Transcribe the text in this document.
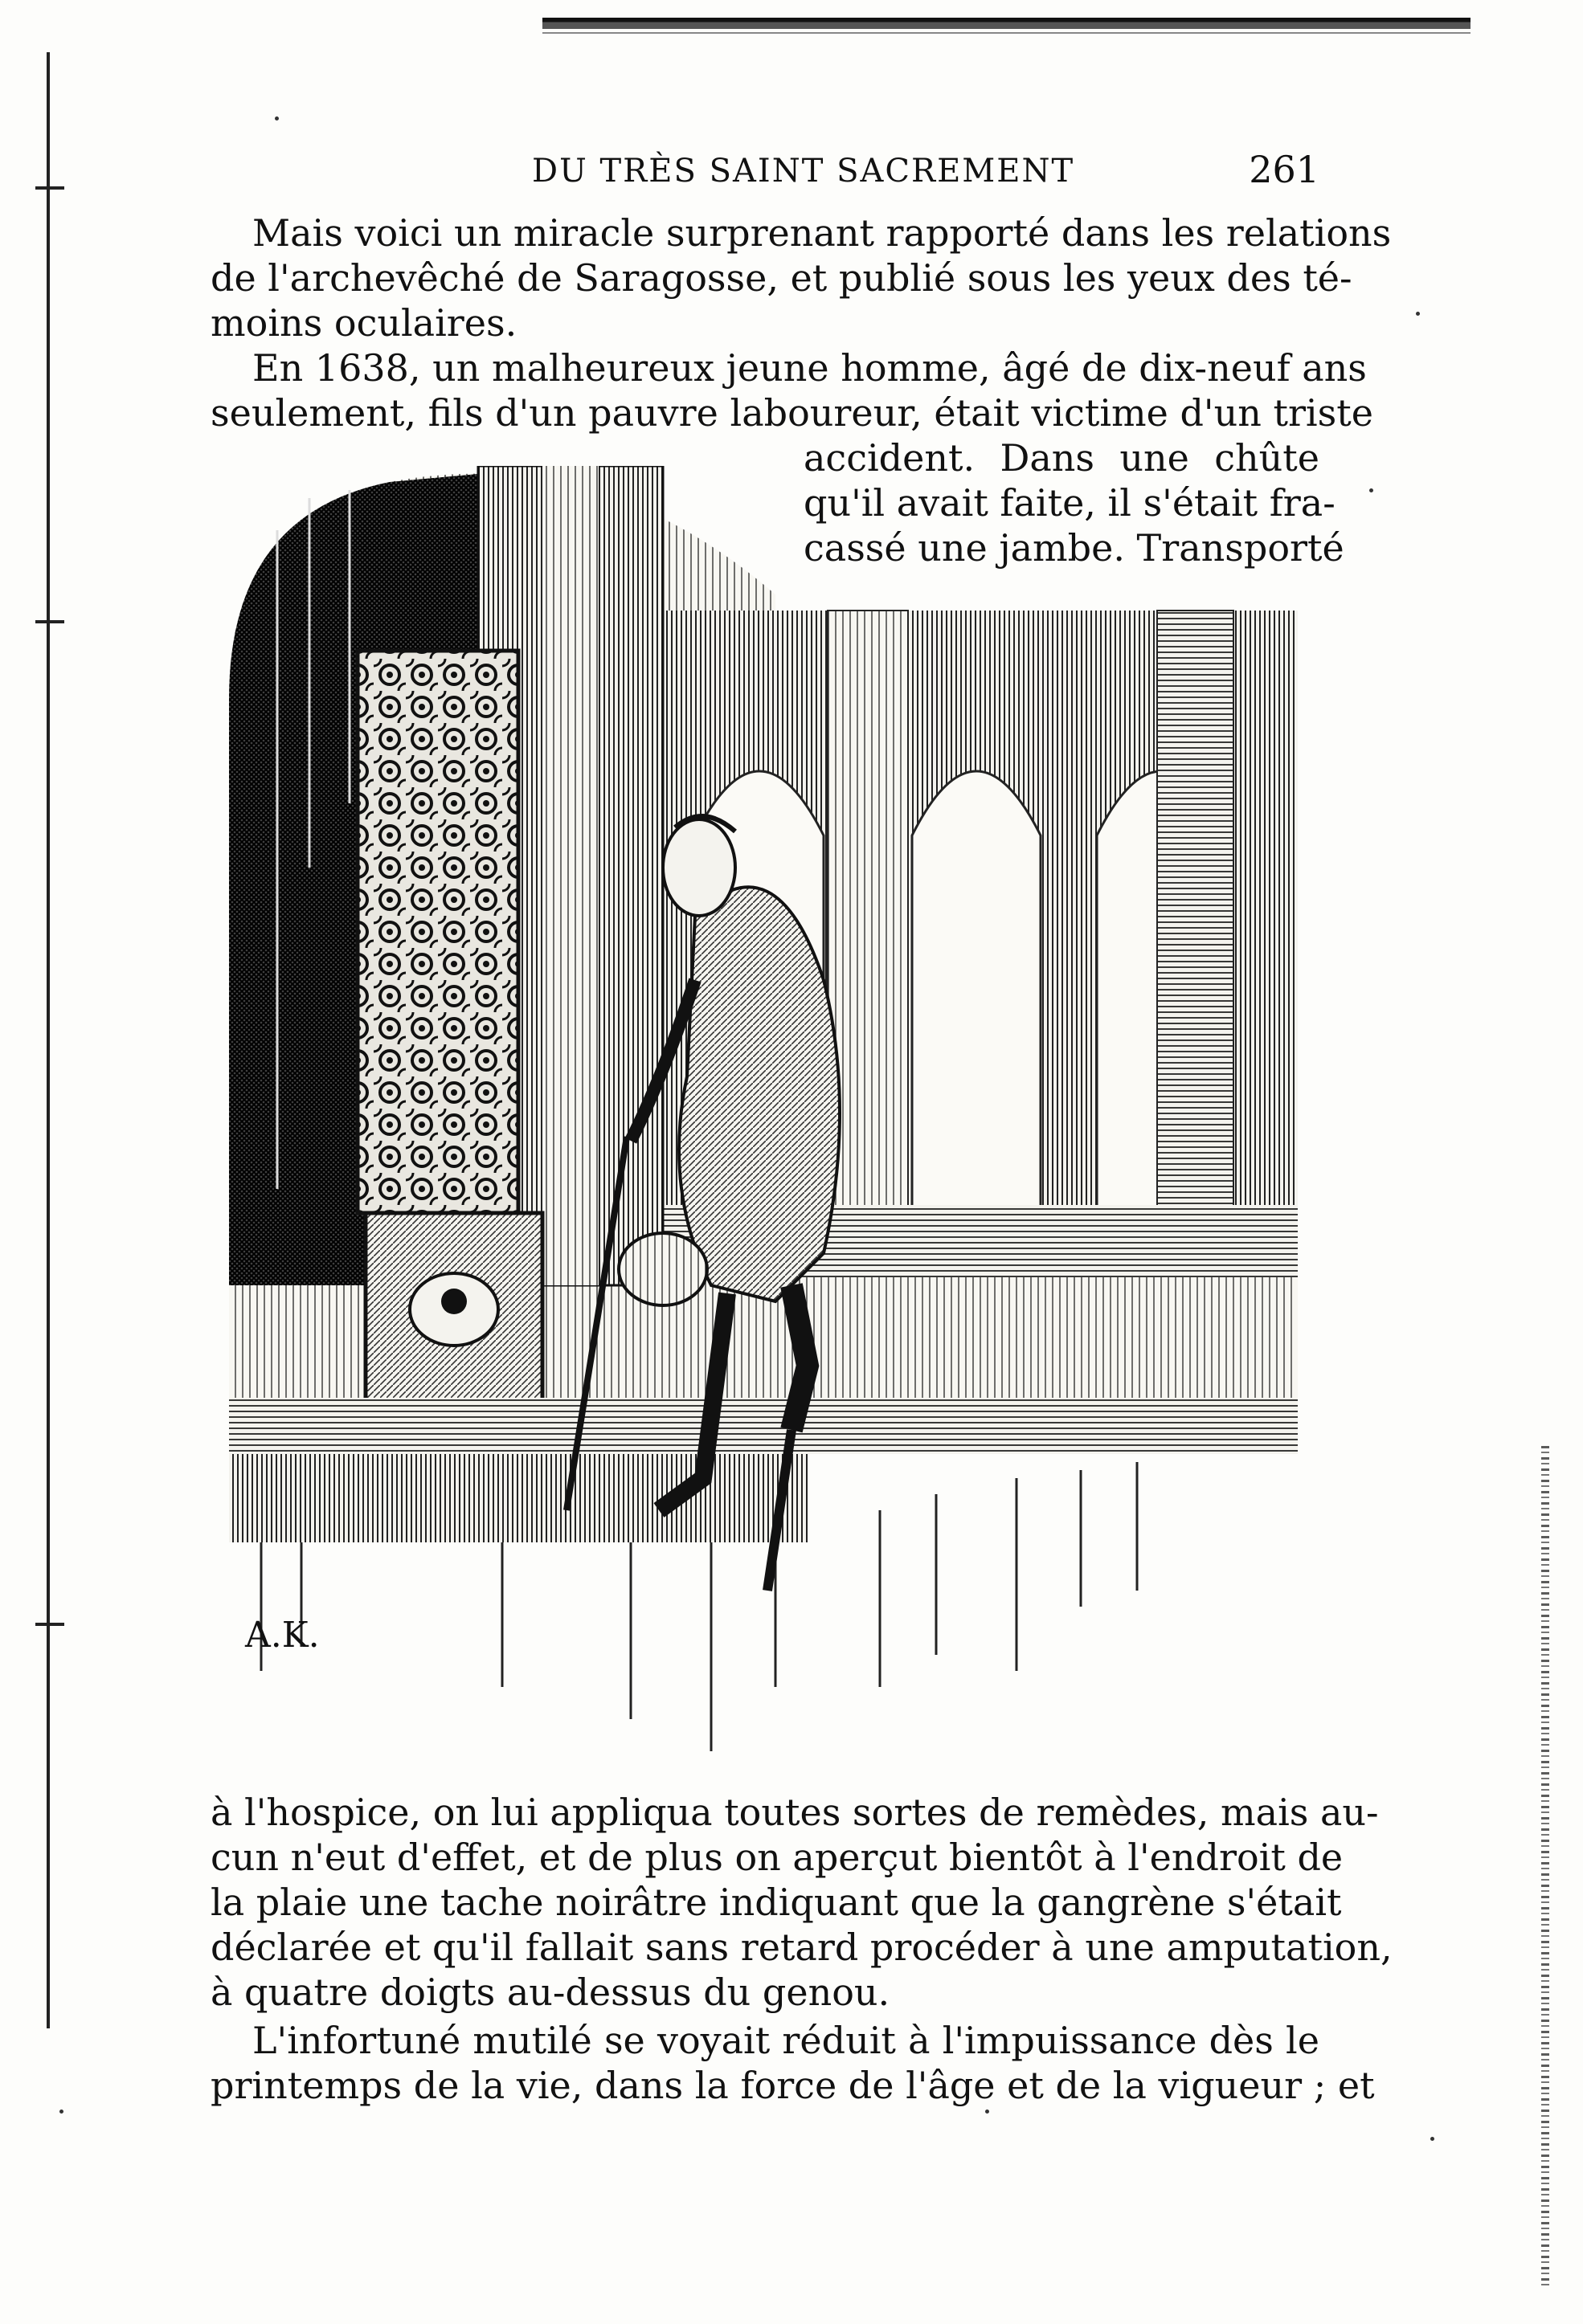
DU TRÈS SAINT SACREMENT	261
Mais voici un miracle surprenant rapporté dans les relations
de l'archevêché de Saragosse, et publié sous les yeux des té-
moins oculaires.
En 1638, un malheureux jeune homme, âgé de dix-neuf ans
seulement, fils d'un pauvre laboureur, était victime d'un triste
accident. Dans une chûte
qu'il avait faite, il s'était fra-
cassé une jambe. Transporté
A.K.
à l'hospice, on lui appliqua toutes sortes de remèdes, mais au-
cun n'eut d'effet, et de plus on aperçut bientôt à l'endroit de
la plaie une tache noirâtre indiquant que la gangrène s'était
déclarée et qu'il fallait sans retard procéder à une amputation,
à quatre doigts au-dessus du genou.
L'infortuné mutilé se voyait réduit à l'impuissance dès le
printemps de la vie, dans la force de l'âge et de la vigueur ; et
